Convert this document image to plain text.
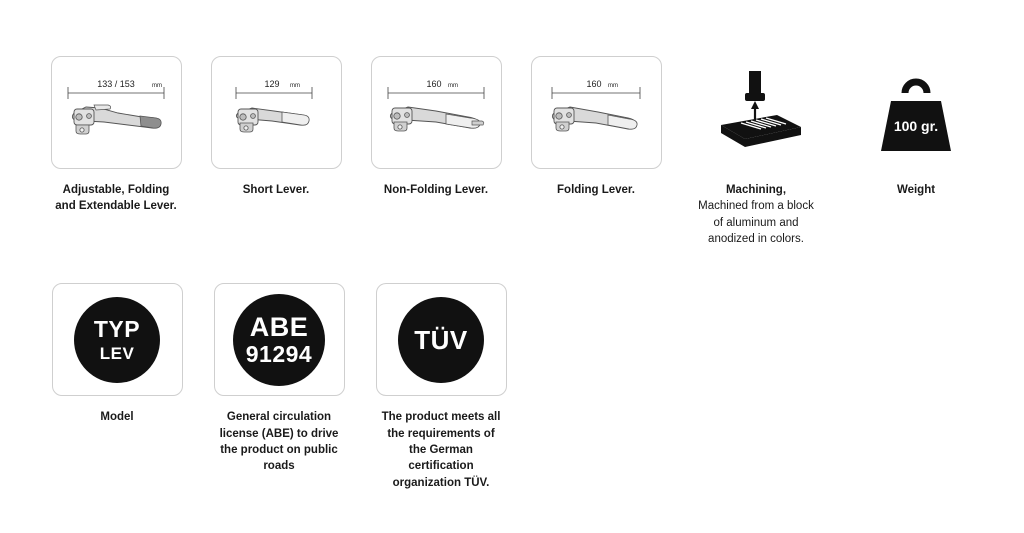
133 / 153	mm
Adjustable, Folding
and Extendable Lever.
129 mm
Short Lever.
160 mm
Non-Folding Lever.
160 mm
Folding Lever.	Machining,
Machined from a block
of aluminum and
anodized in colors.
100 gr.
Weight
TYP
LEV
Model
ABE
91294
General circulation
license (ABE) to drive
the product on public
roads
TÜV
The product meets all
the requirements of
the German
certification
organization TÜV.
